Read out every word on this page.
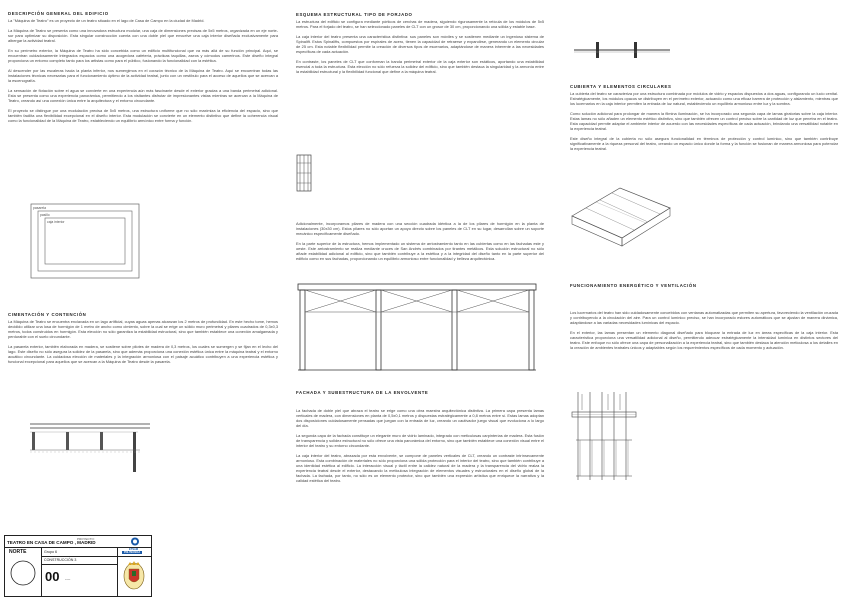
DESCRIPCIÓN GENERAL DEL EDIFICIO
La "Máquina de Teatro" es un proyecto de un teatro situado en el lago de Casa de Campo en la ciudad de Madrid.
La Máquina de Teatro se presenta como una innovadora estructura modular, una caja de dimensiones precisas de 5x5 metros, organizada en un eje norte-sur para optimizar su disposición. Esta singular construcción cuenta con una doble piel que envuelve una caja interior diseñada exclusivamente para albergar la actividad teatral.
En su perímetro exterior, la Máquina de Teatro ha sido concebida como un edificio multifuncional que va más allá de su función principal. Aquí, se encuentran cuidadosamente integrados espacios como una acogedora cafetería, prácticas taquillas, aseos y cómodos camerinos. Este diseño integral proporciona un entorno completo tanto para los artistas como para el público, fusionando la funcionalidad con la estética.
Al descender por las escaleras hacia la planta inferior, nos sumergimos en el corazón técnico de la Máquina de Teatro. Aquí se encuentran todas las instalaciones técnicas necesarias para el funcionamiento óptimo de la actividad teatral, junto con un vestíbulo para el acceso de aquellos que se acercan a la escenografía.
La sensación de flotación sobre el agua se convierte en una experiencia aún más fascinante desde el exterior gracias a una banda perimetral adicional. Esta se presenta como una experiencia panorámica, permitiendo a los visitantes disfrutar de impresionantes vistas mientras se acercan a la Máquina de Teatro, creando así una conexión única entre la arquitectura y el entorno circundante.
El proyecto se distingue por una modulación precisa de 5x5 metros, una estructura uniforme que no sólo maximiza la eficiencia del espacio, sino que también facilita una flexibilidad excepcional en el diseño interior. Esta modulación se convierte en un elemento distintivo que define la coherencia visual como la funcionalidad de la Máquina de Teatro, estableciendo un equilibrio armónico entre forma y función.
pasarela
pasillo
caja interior
CIMENTACIÓN Y CONTENCIÓN
La Máquina de Teatro se encuentra enclavada en un lago artificial, cuyas aguas apenas alcanzan los 2 metros de profundidad. En este hecho tome, hemos decidido utilizar una losa de hormigón de 1 metro de ancho como cimiento, sobre la cual se erige un sólido muro perimetral y pilares cuadrados de 0,3x0,3 metros, todos construidos en hormigón. Esta elección no sólo garantiza la estabilidad estructural, sino que también establece una conexión amalgamada y perdurable con el suelo circundante.
La pasarela exterior, también elaborada en madera, se sostiene sobre pilotes de madera de 0,3 metros, los cuales se sumergen y se fijan en el lecho del lago. Este diseño no sólo asegura la solidez de la pasarela, sino que además proporciona una conexión estética única entre la máquina teatral y el entorno acuático circundante. La cuidadosa elección de materiales y la integración armoniosa con el paisaje acuático contribuyen a una experiencia estética y funcional excepcional para aquellos que se acercan a la Máquina de Teatro desde la pasarela.
PROYECTO:
TEATRO EN CASA DE CAMPO , MADRID
NORTE	Grupo 6
CONSTRUCCIÓN 3
00 ----
ETSAM
POLITÉCNICA
ESQUEMA ESTRUCTURAL TIPO DE FORJADO
La estructura del edificio se configura mediante pórticos de cerchas de madera, siguiendo rigurosamente la retícula de los módulos de 5x5 metros. Para el forjado del teatro, se han seleccionado paneles de CLT con un grosor de 30 cm, proporcionando una sólida y estable base.
La caja interior del teatro presenta una característica distintiva: sus paneles son móviles y se sostienen mediante un ingenioso sistema de Spinalift. Estos Spinalifts, compuestos por espirales de acero, tienen la capacidad de retraerse y expandirse, generando un elemento circular de 25 cm. Esta notable flexibilidad permite la creación de diversos tipos de escenarios, adaptándose de manera inherente a las necesidades específicas de cada actuación.
En contraste, los paneles de CLT que conforman la banda perimetral exterior de la caja exterior son estáticos, aportando una estabilidad esencial a toda la estructura. Esta elección no sólo refuerza la solidez del edificio, sino que también destaca la singularidad y la armonía entre la estabilidad estructural y la flexibilidad funcional que define a la máquina teatral.
Adicionalmente, incorporamos pilares de madera con una sección cuadrada idéntica a la de los pilares de hormigón en la planta de instalaciones (30x30 cm). Estos pilares no sólo aportan un apoyo directo sobre los paneles de CLT en su lugar, desarrollan sobre un soporte mecánico específicamente diseñado.
En la parte superior de la estructura, hemos implementado un sistema de arriostramiento tanto en las cubiertas como en las fachadas este y oeste. Este arriostramiento se realiza mediante cruces de San Andrés combinados por tirantes metálicos. Esta solución estructural no sólo añade estabilidad adicional al edificio, sino que también contribuye a la estética y a la integridad del diseño tanto en la parte superior del edificio como en sus fachadas, proporcionando un equilibrio armonioso entre funcionalidad y belleza arquitectónica.
FACHADA Y SUBESTRUCTURA DE LA ENVOLVENTE
La fachada de doble piel que abraza el teatro se erige como una obra maestra arquitectónica distintiva. La primera capa presenta lamas verticales de madera, con dimensiones en planta de 0,5x0,1 metros y dispuestas estratégicamente a 0,8 metros entre sí. Estas lamas adoptan dos disposiciones cuidadosamente pensadas que juegan con la entrada de luz, creando un cautivador juego visual que evoluciona a lo largo del día.
La segunda capa de la fachada constituye un elegante muro de vidrio laminado, integrado con meticulosas carpinterías de madera. Esta fusión de transparencia y solidez estructural no sólo ofrece una vista panorámica del entorno, sino que también establece una conexión visual entre el interior del teatro y su entorno circundante.
La caja interior del teatro, abrazada por esta envolvente, se compone de paneles verticales de CLT, creando un contraste intrínsecamente armonioso. Esta combinación de materiales no sólo proporciona una sólida protección para el interior del teatro, sino que también contribuye a una identidad estética al edificio. La interacción visual y táctil entre la calidez natural de la madera y la transparencia del vidrio realza la experiencia teatral desde el exterior, destacando la meticulosa integración de elementos visuales y estructurales en el diseño global de la fachada. La fachada, por tanto, no sólo es un elemento protector, sino que también una expresión artística que enriquece la narrativa y la calidad estética del teatro.
CUBIERTA Y ELEMENTOS CIRCULARES
La cubierta del teatro se caracteriza por una estructura combinada por módulos de vidrio y espacios dispuestos a dos aguas, configurando un lucio cenital. Estratégicamente, los módulos opacos se distribuyen en el perímetro exterior, actuando como una eficaz barrera de protección y aislamiento, mientras que los lucernarios en la caja interior permiten la entrada de luz natural, estableciendo un equilibrio armonioso entre luz y la sombra.
Como solución adicional para prolongar de manera la filmina iluminación, se ha incorporado una segunda capa de lamas giratorias sobre la caja interior. Estas lamas no sólo añaden un elemento estético distintivo, sino que también ofrecen un control preciso sobre la cantidad de luz que penetra en el teatro. Esta capacidad permite adaptar el ambiente interior de acuerdo con las necesidades específicas de cada actuación, brindando una versatilidad notable en la experiencia teatral.
Este diseño integral de la cubierta no sólo asegura funcionalidad en términos de protección y control lumínico, sino que también contribuye significativamente a la riqueza personal del teatro, creando un espacio único donde la forma y la función se fusionan de manera armoniosa para potenciar la experiencia teatral.
FUNCIONAMIENTO ENERGÉTICO Y VENTILACIÓN
Los lucernarios del teatro han sido cuidadosamente concebidos con ventanas automatizadas que permiten su apertura, favoreciendo la ventilación cruzada y contribuyendo a la circulación del aire. Para un control lumínico preciso, se han incorporado estores automáticos que se ajustan de manera dinámica, adaptándose a las variadas necesidades lumínicas del espacio.
En el exterior, las lamas presentan un elemento diagonal diseñado para bloquear la entrada de luz en áreas específicas de la caja interior. Esta característica proporciona una versatilidad adicional al diseño, permitiendo adecuar estratégicamente la intensidad lumínica en distintos sectores del teatro. Este enfoque no sólo ofrece una capa de personalización a la experiencia teatral, sino que también destaca la atención meticulosa a los detalles en la creación de ambientes teatrales únicos y adaptables según los requerimientos específicos de cada momento y actuación.
